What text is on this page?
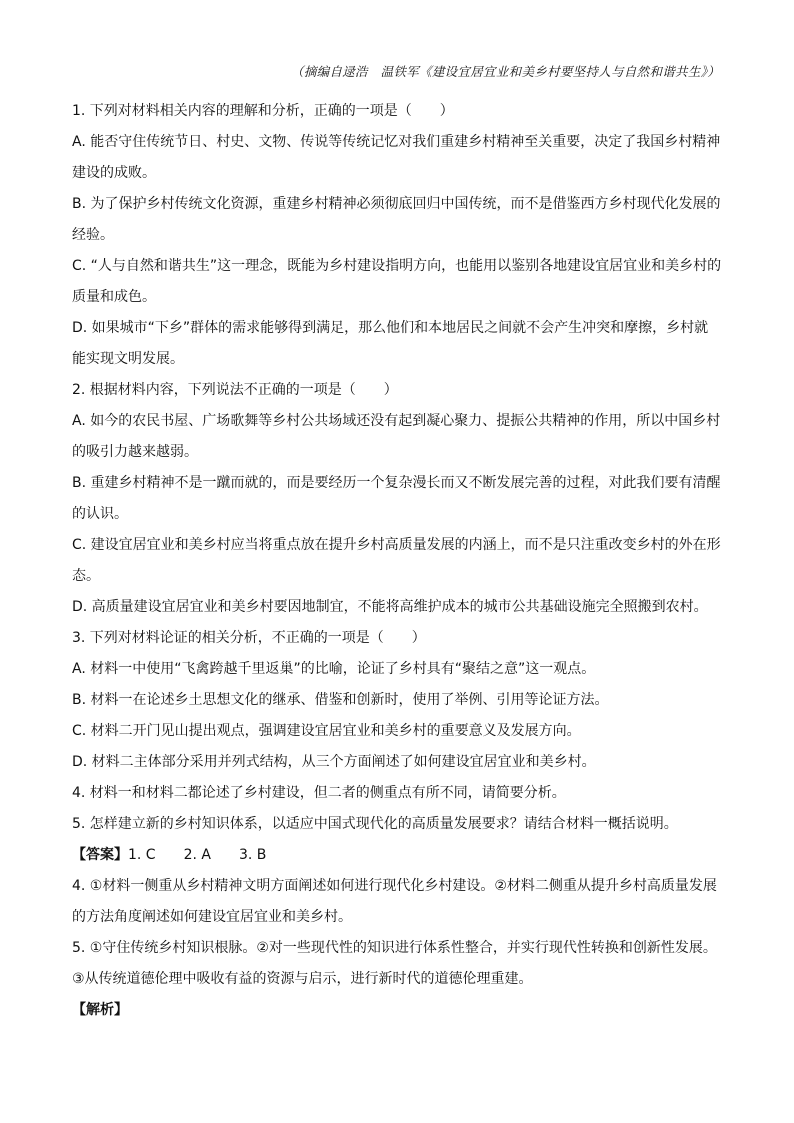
（摘编自逯浩　温铁军《建设宜居宜业和美乡村要坚持人与自然和谐共生》）

1. 下列对材料相关内容的理解和分析，正确的一项是（　　）

A. 能否守住传统节日、村史、文物、传说等传统记忆对我们重建乡村精神至关重要，决定了我国乡村精神建设的成败。

B. 为了保护乡村传统文化资源，重建乡村精神必须彻底回归中国传统，而不是借鉴西方乡村现代化发展的经验。

C. “人与自然和谐共生”这一理念，既能为乡村建设指明方向，也能用以鉴别各地建设宜居宜业和美乡村的质量和成色。

D. 如果城市“下乡”群体的需求能够得到满足，那么他们和本地居民之间就不会产生冲突和摩擦，乡村就能实现文明发展。

2. 根据材料内容，下列说法不正确的一项是（　　）

A. 如今的农民书屋、广场歌舞等乡村公共场域还没有起到凝心聚力、提振公共精神的作用，所以中国乡村的吸引力越来越弱。

B. 重建乡村精神不是一蹴而就的，而是要经历一个复杂漫长而又不断发展完善的过程，对此我们要有清醒的认识。

C. 建设宜居宜业和美乡村应当将重点放在提升乡村高质量发展的内涵上，而不是只注重改变乡村的外在形态。

D. 高质量建设宜居宜业和美乡村要因地制宜，不能将高维护成本的城市公共基础设施完全照搬到农村。

3. 下列对材料论证的相关分析，不正确的一项是（　　）

A. 材料一中使用“飞禽跨越千里返巢”的比喻，论证了乡村具有“聚结之意”这一观点。

B. 材料一在论述乡土思想文化的继承、借鉴和创新时，使用了举例、引用等论证方法。

C. 材料二开门见山提出观点，强调建设宜居宜业和美乡村的重要意义及发展方向。

D. 材料二主体部分采用并列式结构，从三个方面阐述了如何建设宜居宜业和美乡村。

4. 材料一和材料二都论述了乡村建设，但二者的侧重点有所不同，请简要分析。

5. 怎样建立新的乡村知识体系，以适应中国式现代化的高质量发展要求？请结合材料一概括说明。

【答案】1. C　　2. A　　3. B

4. ①材料一侧重从乡村精神文明方面阐述如何进行现代化乡村建设。②材料二侧重从提升乡村高质量发展的方法角度阐述如何建设宜居宜业和美乡村。

5. ①守住传统乡村知识根脉。②对一些现代性的知识进行体系性整合，并实行现代性转换和创新性发展。③从传统道德伦理中吸收有益的资源与启示，进行新时代的道德伦理重建。

【解析】
